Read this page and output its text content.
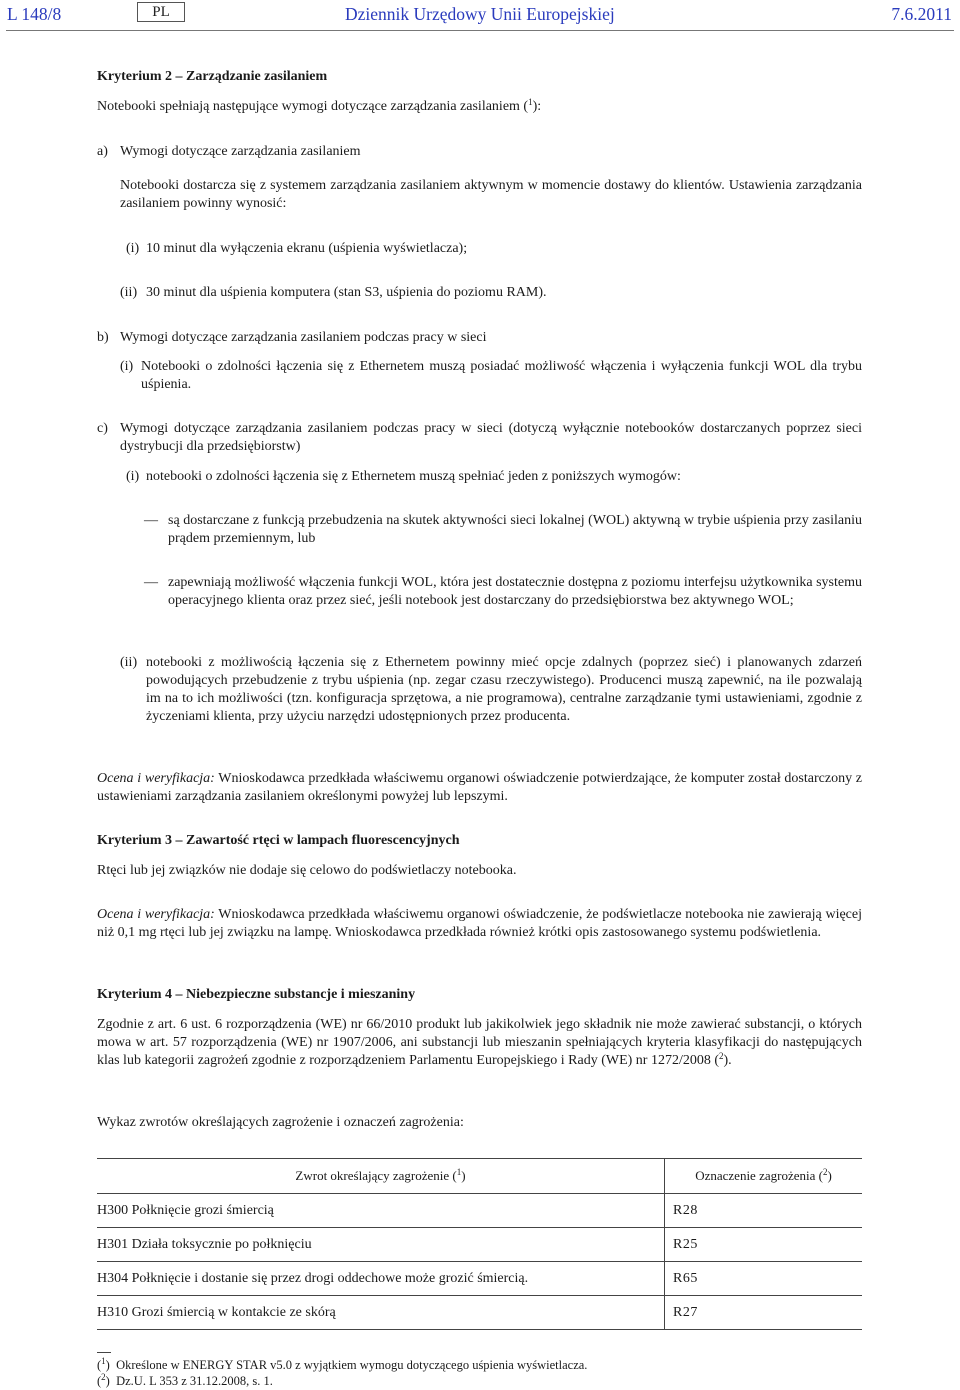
L 148/8	PL	Dziennik Urzędowy Unii Europejskiej	7.6.2011
Kryterium 2 – Zarządzanie zasilaniem
Notebooki spełniają następujące wymogi dotyczące zarządzania zasilaniem ($^1$):
a) Wymogi dotyczące zarządzania zasilaniem
Notebooki dostarcza się z systemem zarządzania zasilaniem aktywnym w momencie dostawy do klientów. Ustawienia zarządzania zasilaniem powinny wynosić:
(i) 10 minut dla wyłączenia ekranu (uśpienia wyświetlacza);
(ii) 30 minut dla uśpienia komputera (stan S3, uśpienia do poziomu RAM).
b) Wymogi dotyczące zarządzania zasilaniem podczas pracy w sieci
(i) Notebooki o zdolności łączenia się z Ethernetem muszą posiadać możliwość włączenia i wyłączenia funkcji WOL dla trybu uśpienia.
c) Wymogi dotyczące zarządzania zasilaniem podczas pracy w sieci (dotyczą wyłącznie notebooków dostarczanych poprzez sieci dystrybucji dla przedsiębiorstw)
(i) notebooki o zdolności łączenia się z Ethernetem muszą spełniać jeden z poniższych wymogów:
— są dostarczane z funkcją przebudzenia na skutek aktywności sieci lokalnej (WOL) aktywną w trybie uśpienia przy zasilaniu prądem przemiennym, lub
— zapewniają możliwość włączenia funkcji WOL, która jest dostatecznie dostępna z poziomu interfejsu użytkownika systemu operacyjnego klienta oraz przez sieć, jeśli notebook jest dostarczany do przedsiębiorstwa bez aktywnego WOL;
(ii) notebooki z możliwością łączenia się z Ethernetem powinny mieć opcje zdalnych (poprzez sieć) i planowanych zdarzeń powodujących przebudzenie z trybu uśpienia (np. zegar czasu rzeczywistego). Producenci muszą zapewnić, na ile pozwalają im na to ich możliwości (tzn. konfiguracja sprzętowa, a nie programowa), centralne zarządzanie tymi ustawieniami, zgodnie z życzeniami klienta, przy użyciu narzędzi udostępnionych przez producenta.
Ocena i weryfikacja: Wnioskodawca przedkłada właściwemu organowi oświadczenie potwierdzające, że komputer został dostarczony z ustawieniami zarządzania zasilaniem określonymi powyżej lub lepszymi.
Kryterium 3 – Zawartość rtęci w lampach fluorescencyjnych
Rtęci lub jej związków nie dodaje się celowo do podświetlaczy notebooka.
Ocena i weryfikacja: Wnioskodawca przedkłada właściwemu organowi oświadczenie, że podświetlacze notebooka nie zawierają więcej niż 0,1 mg rtęci lub jej związku na lampę. Wnioskodawca przedkłada również krótki opis zastosowanego systemu podświetlenia.
Kryterium 4 – Niebezpieczne substancje i mieszaniny
Zgodnie z art. 6 ust. 6 rozporządzenia (WE) nr 66/2010 produkt lub jakikolwiek jego składnik nie może zawierać substancji, o których mowa w art. 57 rozporządzenia (WE) nr 1907/2006, ani substancji lub mieszanin spełniających kryteria klasyfikacji do następujących klas lub kategorii zagrożeń zgodnie z rozporządzeniem Parlamentu Europejskiego i Rady (WE) nr 1272/2008 ($^2$).
Wykaz zwrotów określających zagrożenie i oznaczeń zagrożenia:
Zwrot określający zagrożenie ($^1$)	Oznaczenie zagrożenia ($^2$)
H300 Połknięcie grozi śmiercią	R28
H301 Działa toksycznie po połknięciu	R25
H304 Połknięcie i dostanie się przez drogi oddechowe może grozić śmiercią.	R65
H310 Grozi śmiercią w kontakcie ze skórą	R27
($^1$)  Określone w ENERGY STAR v5.0 z wyjątkiem wymogu dotyczącego uśpienia wyświetlacza.
($^2$)  Dz.U. L 353 z 31.12.2008, s. 1.
